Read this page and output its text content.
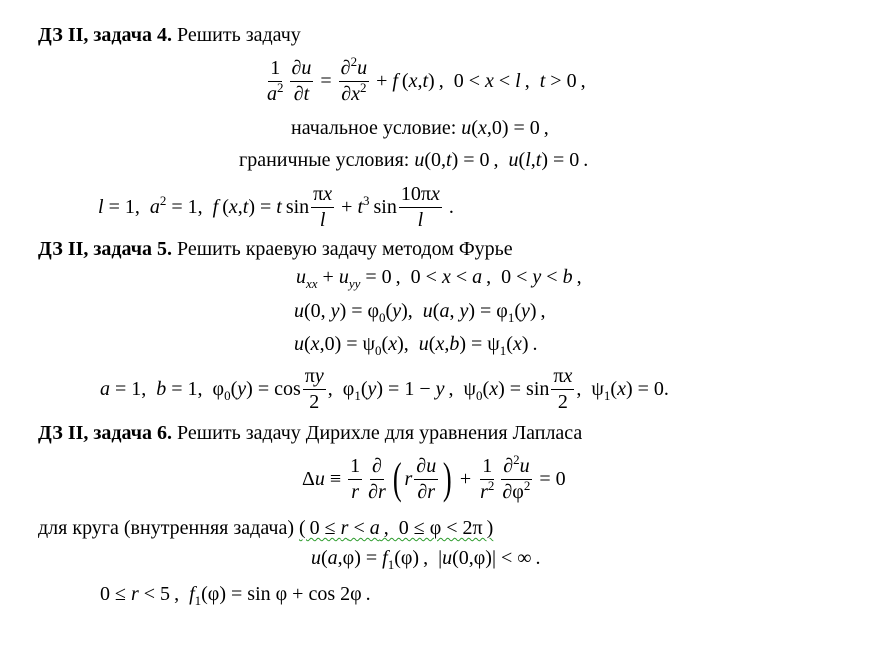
ДЗ II, задача 4. Решить задачу
$\frac{1}{a^2} \frac{\partial u}{\partial t} = \frac{\partial^2u}{\partial x^2} + f$ (x,t) ,  0 < x < l ,  t > 0 ,
начальное условие: u(x,0) = 0 ,
граничные условия: u(0,t) = 0 ,  u(l,t) = 0 .
l = 1,  $a^2 = 1$,  f (x,t) = t $\sin \frac{\pi x}{l} + t^3$ $\sin \frac{10\pi x}{l}$ .
ДЗ II, задача 5. Решить краевую задачу методом Фурье
$u_{xx} + u_{yy} = 0$ ,  0 < x < a ,  0 < y < b ,
u(0, $y) = \varphi_0(y)$,  u(a, $y) = \varphi_1(y)$ ,
$u(x,0) = \psi_0(x)$,  $u(x,b) = \psi_1(x)$ .
a = 1,  b = 1,  $\varphi_0(y) = \cos \frac{\pi y}{2}$ ,  $\varphi_1(y) = 1 - y$ ,  $\psi_0(x) = \sin \frac{\pi x}{2}$ ,  $\psi_1(x) = 0$.
ДЗ II, задача 6. Решить задачу Дирихле для уравнения Лапласа
$\Delta u \equiv \frac{1}{r} \frac{\partial}{\partial r}$ ( r $\frac{\partial u}{\partial r}$ ) + $\frac{1}{r^2} \frac{\partial^2u}{\partial\varphi^2} = 0$
для круга (внутренняя задача) ( 0 ≤ r < a ,  0 ≤ φ < 2π )
$u(a,\varphi) = f_1(\varphi)$ ,  |u(0,φ)| < ∞ .
0 ≤ r < 5 ,  $f_1(\varphi) = \sin \varphi + \cos 2\varphi$ .
